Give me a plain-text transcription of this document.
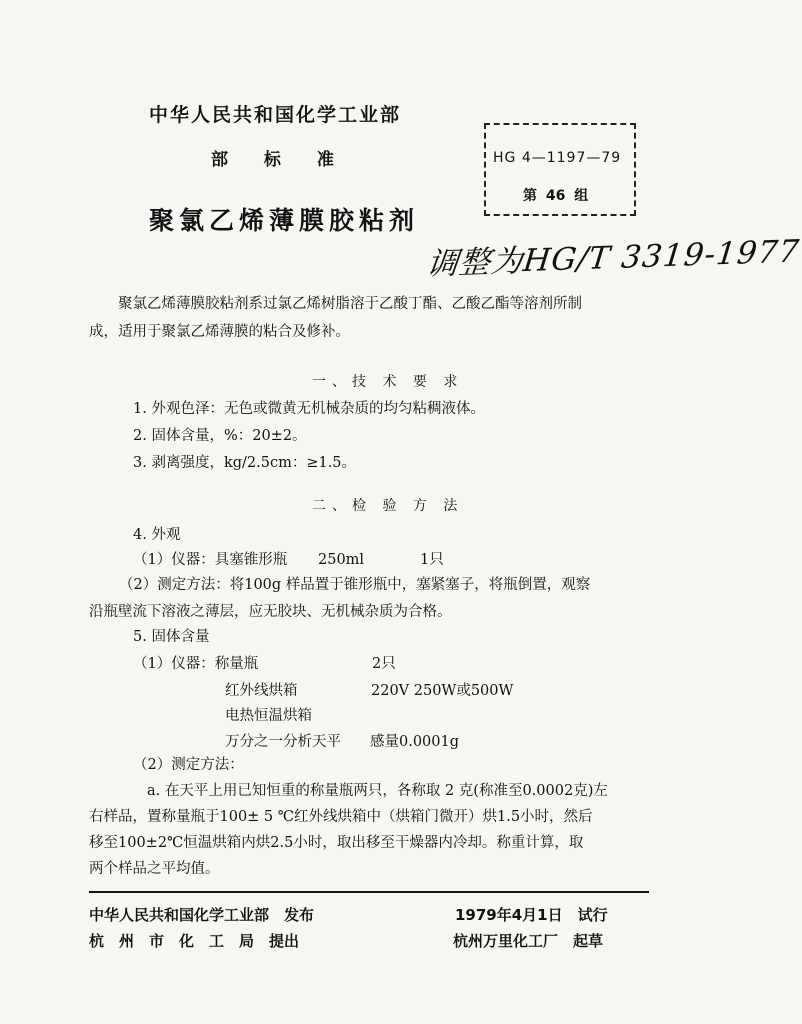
中华人民共和国化学工业部
部 标 准
聚氯乙烯薄膜胶粘剂
HG 4—1197—79
第 46 组
调整为HG/T 3319-1977
聚氯乙烯薄膜胶粘剂系过氯乙烯树脂溶于乙酸丁酯、乙酸乙酯等溶剂所制
成，适用于聚氯乙烯薄膜的粘合及修补。
一、技 术 要 求
1. 外观色泽：无色或微黄无机械杂质的均匀粘稠液体。
2. 固体含量，%：20±2。
3. 剥离强度，kg/2.5cm：≥1.5。
二、检 验 方 法
4. 外观
（1）仪器：具塞锥形瓶 250ml	1只
（2）测定方法：将100g 样品置于锥形瓶中，塞紧塞子，将瓶倒置，观察
沿瓶壁流下溶液之薄层，应无胶块、无机械杂质为合格。
5. 固体含量
（1）仪器：称量瓶	2只
红外线烘箱	220V 250W或500W
电热恒温烘箱
万分之一分析天平 感量0.0001g
（2）测定方法：
a. 在天平上用已知恒重的称量瓶两只，各称取 2 克(称准至0.0002克)左
右样品，置称量瓶于100± 5 ℃红外线烘箱中（烘箱门微开）烘1.5小时，然后
移至100±2℃恒温烘箱内烘2.5小时，取出移至干燥器内冷却。称重计算，取
两个样品之平均值。
中华人民共和国化学工业部　发布	1979年4月1日　试行
杭　州　市　化　工　局　提出	杭州万里化工厂　起草
